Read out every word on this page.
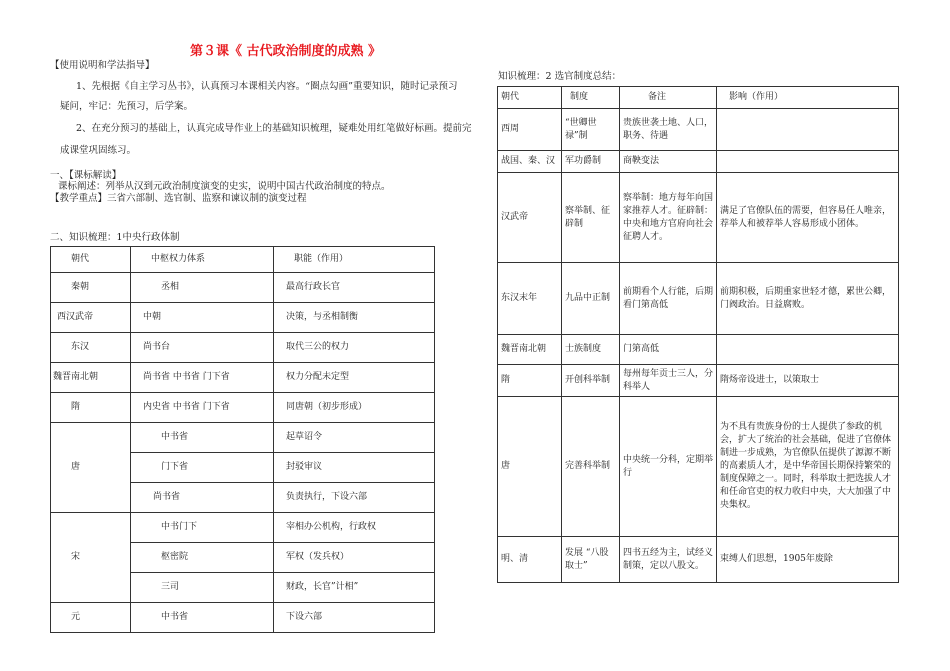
第３课《 古代政治制度的成熟 》
【使用说明和学法指导】
1、先根据《自主学习丛书》，认真预习本课相关内容。“圈点勾画”重要知识，随时记录预习
疑问，牢记：先预习，后学案。
2、在充分预习的基础上，认真完成导作业上的基础知识梳理，疑难处用红笔做好标画。提前完
成课堂巩固练习。
一、【课标解读】
课标阐述：列举从汉到元政治制度演变的史实，说明中国古代政治制度的特点。
【教学重点】三省六部制、选官制、监察和谏议制的演变过程
二、知识梳理：1中央行政体制
朝代	中枢权力体系	职能（作用）
秦朝	丞相	最高行政长官
西汉武帝	中朝	决策，与丞相制衡
东汉	尚书台	取代三公的权力
魏晋南北朝	尚书省 中书省 门下省	权力分配未定型
隋	内史省 中书省 门下省	同唐朝（初步形成）
唐	中书省	起草诏令
	门下省	封驳审议
	尚书省	负责执行，下设六部
宋	中书门下	宰相办公机构，行政权
	枢密院	军权（发兵权）
	三司	财政，长官”计相”
元	中书省	下设六部
知识梳理：2 选官制度总结：
朝代	制度	备注	影响（作用）
西周	“世卿世禄”制	贵族世袭土地、人口，职务、待遇	
战国、秦、汉	军功爵制	商鞅变法	
汉武帝	察举制、征辟制	察举制：地方每年向国家推荐人才。征辟制：中央和地方官府向社会征聘人才。	满足了官僚队伍的需要，但容易任人唯亲，荐举人和被荐举人容易形成小团体。
东汉末年	九品中正制	前期看个人行能，后期看门第高低	前期积极，后期重家世轻才德，累世公卿，门阀政治。日益腐败。
魏晋南北朝	士族制度	门第高低	
隋	开创科举制	每州每年贡士三人，分科举人	隋炀帝设进士，以策取士
唐	完善科举制	中央统一分科，定期举行	为不具有贵族身份的士人提供了参政的机会，扩大了统治的社会基础，促进了官僚体制进一步成熟，为官僚队伍提供了源源不断的高素质人才，是中华帝国长期保持繁荣的制度保障之一。同时，科举取士把选拔人才和任命官吏的权力收归中央，大大加强了中央集权。
明、清	发展 “八股取士”	四书五经为主，试经义制策，定以八股文。	束缚人们思想，1905年废除
